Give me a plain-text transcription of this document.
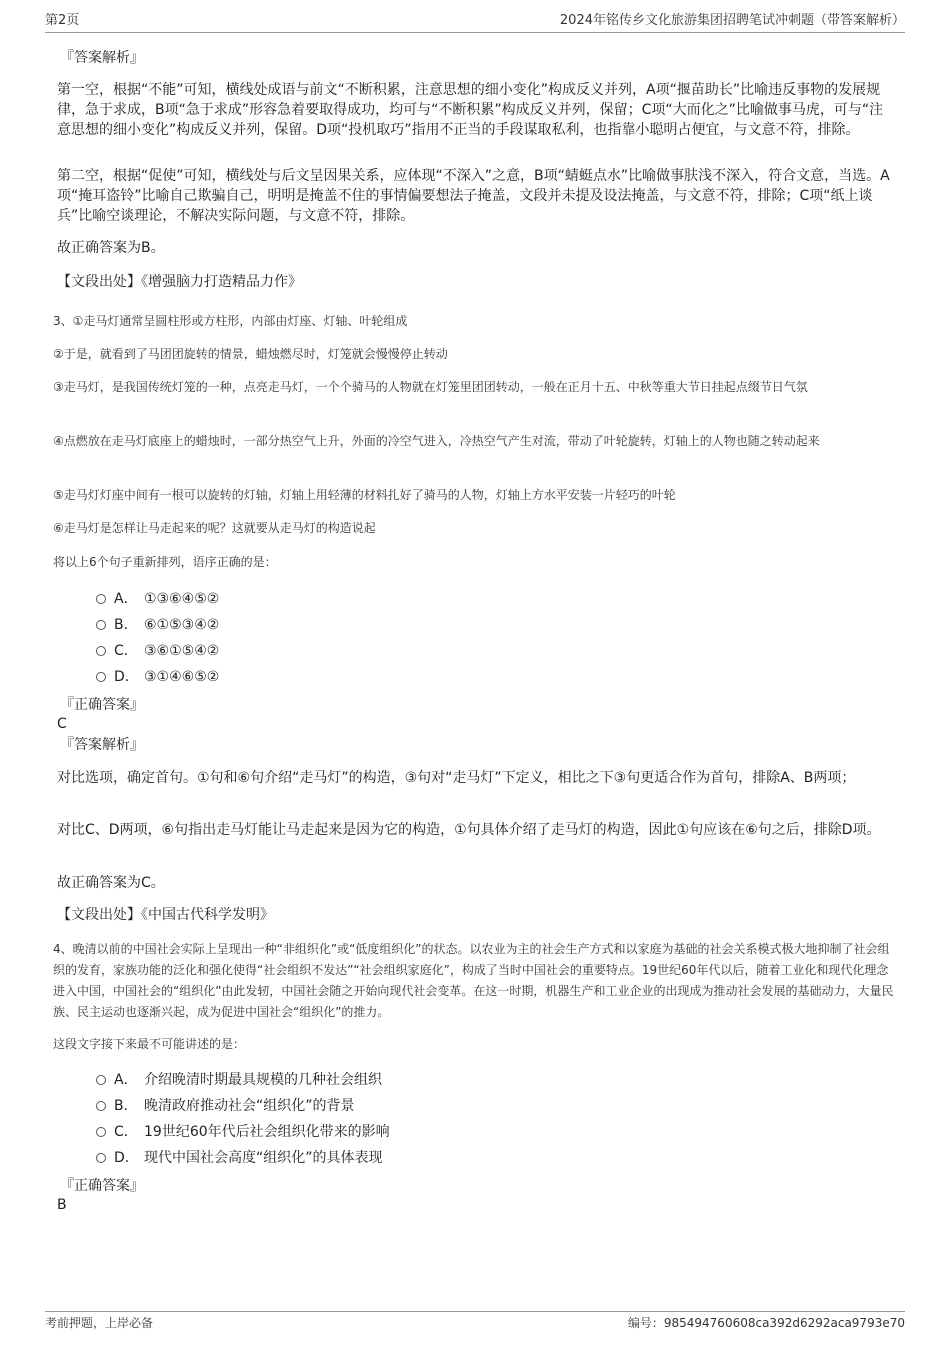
第2页	2024年铭传乡文化旅游集团招聘笔试冲刺题（带答案解析）
『答案解析』

第一空，根据“不能”可知，横线处成语与前文“不断积累，注意思想的细小变化”构成反义并列，A项“揠苗助长”比喻违反事物的发展规律，急于求成，B项“急于求成”形容急着要取得成功，均可与“不断积累”构成反义并列，保留；C项“大而化之”比喻做事马虎，可与“注意思想的细小变化”构成反义并列，保留。D项“投机取巧”指用不正当的手段谋取私利，也指靠小聪明占便宜，与文意不符，排除。

第二空，根据“促使”可知，横线处与后文呈因果关系，应体现“不深入”之意，B项“蜻蜓点水”比喻做事肤浅不深入，符合文意，当选。A项“掩耳盗铃”比喻自己欺骗自己，明明是掩盖不住的事情偏要想法子掩盖，文段并未提及设法掩盖，与文意不符，排除；C项“纸上谈兵”比喻空谈理论，不解决实际问题，与文意不符，排除。

故正确答案为B。

【文段出处】《增强脑力打造精品力作》

3、①走马灯通常呈圆柱形或方柱形，内部由灯座、灯轴、叶轮组成

②于是，就看到了马团团旋转的情景，蜡烛燃尽时，灯笼就会慢慢停止转动

③走马灯，是我国传统灯笼的一种，点亮走马灯，一个个骑马的人物就在灯笼里团团转动，一般在正月十五、中秋等重大节日挂起点缀节日气氛

④点燃放在走马灯底座上的蜡烛时，一部分热空气上升，外面的冷空气进入，冷热空气产生对流，带动了叶轮旋转，灯轴上的人物也随之转动起来

⑤走马灯灯座中间有一根可以旋转的灯轴，灯轴上用轻薄的材料扎好了骑马的人物，灯轴上方水平安装一片轻巧的叶轮

⑥走马灯是怎样让马走起来的呢？这就要从走马灯的构造说起

将以上6个句子重新排列，语序正确的是：

A． ①③⑥④⑤②
B． ⑥①⑤③④②
C． ③⑥①⑤④②
D． ③①④⑥⑤②
『正确答案』
C
『答案解析』

对比选项，确定首句。①句和⑥句介绍“走马灯”的构造，③句对“走马灯”下定义，相比之下③句更适合作为首句，排除A、B两项；

对比C、D两项，⑥句指出走马灯能让马走起来是因为它的构造，①句具体介绍了走马灯的构造，因此①句应该在⑥句之后，排除D项。

故正确答案为C。

【文段出处】《中国古代科学发明》

4、晚清以前的中国社会实际上呈现出一种“非组织化”或“低度组织化”的状态。以农业为主的社会生产方式和以家庭为基础的社会关系模式极大地抑制了社会组织的发育，家族功能的泛化和强化使得“社会组织不发达”“社会组织家庭化”，构成了当时中国社会的重要特点。19世纪60年代以后，随着工业化和现代化理念进入中国，中国社会的“组织化”由此发轫，中国社会随之开始向现代社会变革。在这一时期，机器生产和工业企业的出现成为推动社会发展的基础动力，大量民族、民主运动也逐渐兴起，成为促进中国社会“组织化”的推力。

这段文字接下来最不可能讲述的是：

A． 介绍晚清时期最具规模的几种社会组织
B． 晚清政府推动社会“组织化”的背景
C． 19世纪60年代后社会组织化带来的影响
D． 现代中国社会高度“组织化”的具体表现
『正确答案』
B
考前押题，上岸必备	编号：985494760608ca392d6292aca9793e70
